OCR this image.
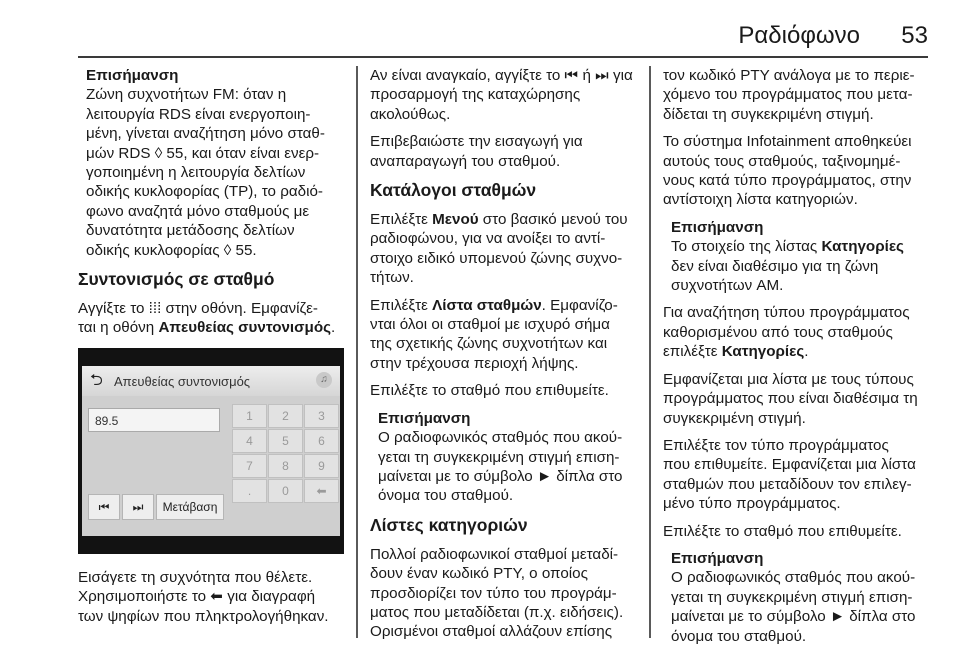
Ραδιόφωνο	53
Επισήμανση
Ζώνη συχνοτήτων FM: όταν η
λειτουργία RDS είναι ενεργοποιη-
μένη, γίνεται αναζήτηση μόνο σταθ-
μών RDS ◊ 55, και όταν είναι ενερ-
γοποιημένη η λειτουργία δελτίων
οδικής κυκλοφορίας (TP), το ραδιό-
φωνο αναζητά μόνο σταθμούς με
δυνατότητα μετάδοσης δελτίων
οδικής κυκλοφορίας ◊ 55.
Συντονισμός σε σταθμό
Αγγίξτε το ⁞⁞⁞ στην οθόνη. Εμφανίζε-
ται η οθόνη Απευθείας συντονισμός.
⮌ Απευθείας συντονισμός	♫
89.5	1	2	3
4	5	6
7	8	9
.	0	⬅
⏮	⏭	Μετάβαση
Εισάγετε τη συχνότητα που θέλετε.
Χρησιμοποιήστε το ⬅ για διαγραφή
των ψηφίων που πληκτρολογήθηκαν.
Αν είναι αναγκαίο, αγγίξτε το ⏮ ή ⏭ για
προσαρμογή της καταχώρησης
ακολούθως.
Επιβεβαιώστε την εισαγωγή για
αναπαραγωγή του σταθμού.
Κατάλογοι σταθμών
Επιλέξτε Μενού στο βασικό μενού του ραδιοφώνου, για να ανοίξει το αντί- στοιχο ειδικό υπομενού ζώνης συχνο- τήτων.
Επιλέξτε Λίστα σταθμών. Εμφανίζο- νται όλοι οι σταθμοί με ισχυρό σήμα της σχετικής ζώνης συχνοτήτων και στην τρέχουσα περιοχή λήψης.
Επιλέξτε το σταθμό που επιθυμείτε.
Επισήμανση
Ο ραδιοφωνικός σταθμός που ακού-
γεται τη συγκεκριμένη στιγμή επιση-
μαίνεται με το σύμβολο ► δίπλα στο
όνομα του σταθμού.
Λίστες κατηγοριών
Πολλοί ραδιοφωνικοί σταθμοί μεταδί-
δουν έναν κωδικό PTY, ο οποίος
προσδιορίζει τον τύπο του προγράμ-
ματος που μεταδίδεται (π.χ. ειδήσεις).
Ορισμένοι σταθμοί αλλάζουν επίσης
τον κωδικό PTY ανάλογα με το περιε-
χόμενο του προγράμματος που μετα-
δίδεται τη συγκεκριμένη στιγμή.
Το σύστημα Infotainment αποθηκεύει
αυτούς τους σταθμούς, ταξινομημέ-
νους κατά τύπο προγράμματος, στην
αντίστοιχη λίστα κατηγοριών.
Επισήμανση
Το στοιχείο της λίστας Κατηγορίες
δεν είναι διαθέσιμο για τη ζώνη
συχνοτήτων AM.
Για αναζήτηση τύπου προγράμματος
καθορισμένου από τους σταθμούς
επιλέξτε Κατηγορίες.
Εμφανίζεται μια λίστα με τους τύπους
προγράμματος που είναι διαθέσιμα τη
συγκεκριμένη στιγμή.
Επιλέξτε τον τύπο προγράμματος
που επιθυμείτε. Εμφανίζεται μια λίστα
σταθμών που μεταδίδουν τον επιλεγ-
μένο τύπο προγράμματος.
Επιλέξτε το σταθμό που επιθυμείτε.
Επισήμανση
Ο ραδιοφωνικός σταθμός που ακού-
γεται τη συγκεκριμένη στιγμή επιση-
μαίνεται με το σύμβολο ► δίπλα στο
όνομα του σταθμού.
